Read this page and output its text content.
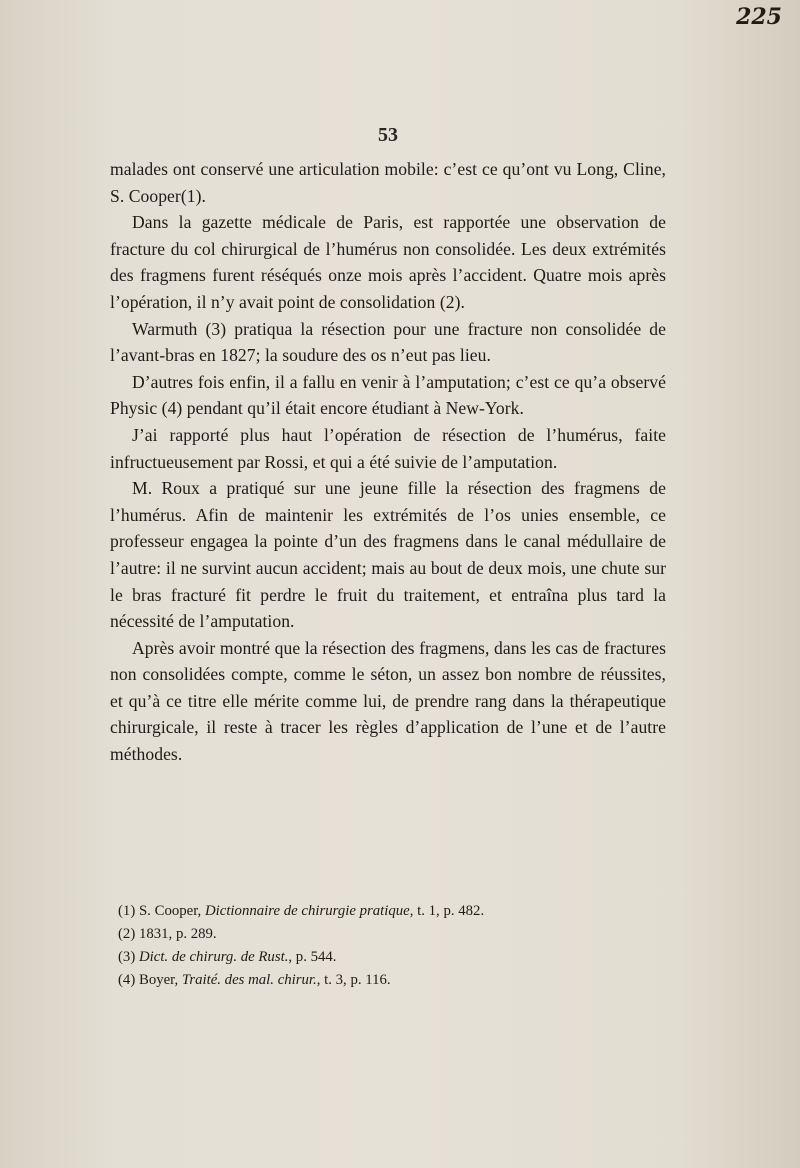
225
53

malades ont conservé une articulation mobile: c’est ce qu’ont vu Long, Cline, S. Cooper(1).

Dans la gazette médicale de Paris, est rapportée une observation de fracture du col chirurgical de l’humérus non consolidée. Les deux extrémités des fragmens furent réséqués onze mois après l’accident. Quatre mois après l’opération, il n’y avait point de consolidation (2).

Warmuth (3) pratiqua la résection pour une fracture non consolidée de l’avant-bras en 1827; la soudure des os n’eut pas lieu.

D’autres fois enfin, il a fallu en venir à l’amputation; c’est ce qu’a observé Physic (4) pendant qu’il était encore étudiant à New-York.

J’ai rapporté plus haut l’opération de résection de l’humérus, faite infructueusement par Rossi, et qui a été suivie de l’amputation.

M. Roux a pratiqué sur une jeune fille la résection des fragmens de l’humérus. Afin de maintenir les extrémités de l’os unies ensemble, ce professeur engagea la pointe d’un des fragmens dans le canal médullaire de l’autre: il ne survint aucun accident; mais au bout de deux mois, une chute sur le bras fracturé fit perdre le fruit du traitement, et entraîna plus tard la nécessité de l’amputation.

Après avoir montré que la résection des fragmens, dans les cas de fractures non consolidées compte, comme le séton, un assez bon nombre de réussites, et qu’à ce titre elle mérite comme lui, de prendre rang dans la thérapeutique chirurgicale, il reste à tracer les règles d’application de l’une et de l’autre méthodes.

(1) S. Cooper, Dictionnaire de chirurgie pratique, t. 1, p. 482.

(2) 1831, p. 289.

(3) Dict. de chirurg. de Rust., p. 544.

(4) Boyer, Traité. des mal. chirur., t. 3, p. 116.
